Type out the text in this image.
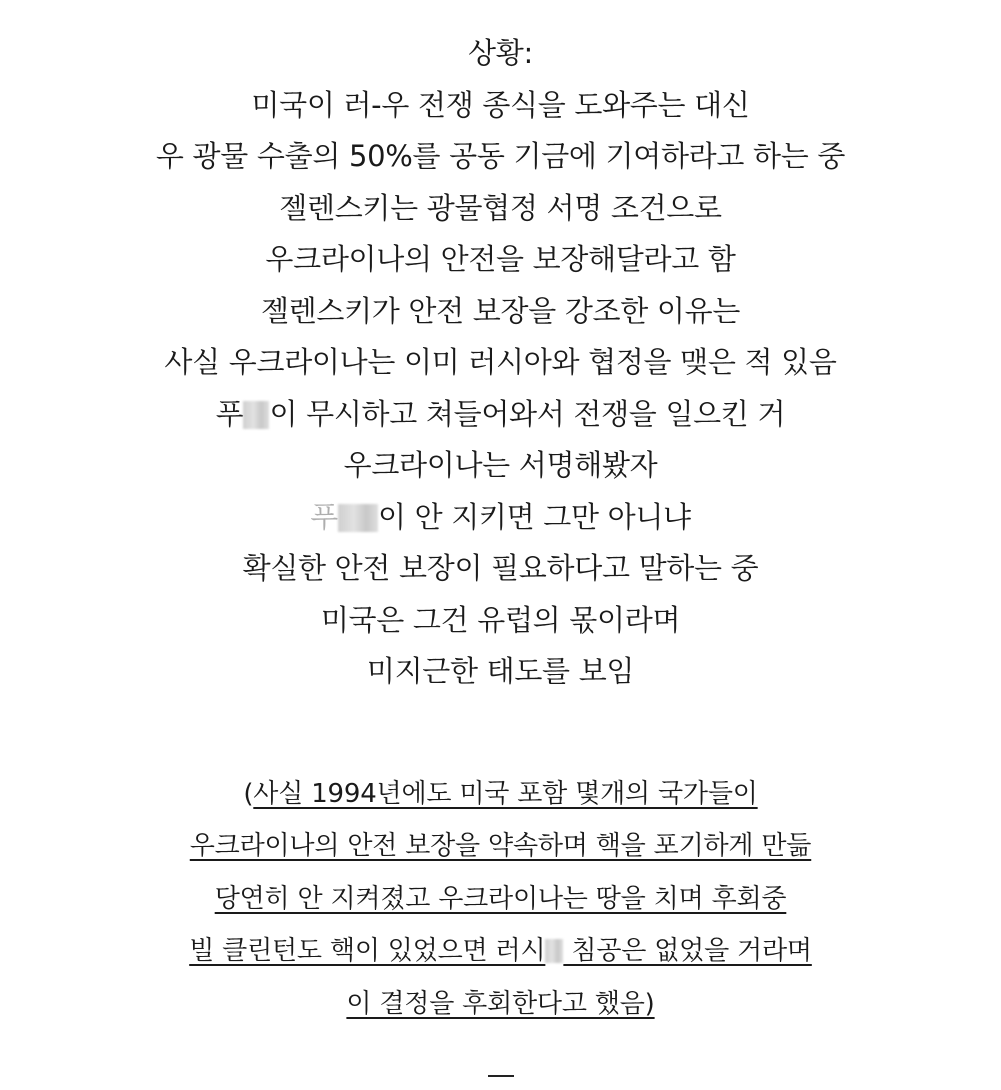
상황:
미국이 러-우 전쟁 종식을 도와주는 대신
우 광물 수출의 50%를 공동 기금에 기여하라고 하는 중
젤렌스키는 광물협정 서명 조건으로
우크라이나의 안전을 보장해달라고 함
젤렌스키가 안전 보장을 강조한 이유는
사실 우크라이나는 이미 러시아와 협정을 맺은 적 있음
푸 이 무시하고 쳐들어와서 전쟁을 일으킨 거
우크라이나는 서명해봤자
푸 이 안 지키면 그만 아니냐
확실한 안전 보장이 필요하다고 말하는 중
미국은 그건 유럽의 몫이라며
미지근한 태도를 보임
(사실 1994년에도 미국 포함 몇개의 국가들이
우크라이나의 안전 보장을 약속하며 핵을 포기하게 만듦
당연히 안 지켜졌고 우크라이나는 땅을 치며 후회중
빌 클린턴도 핵이 있었으면 러시 침공은 없었을 거라며
이 결정을 후회한다고 했음)
